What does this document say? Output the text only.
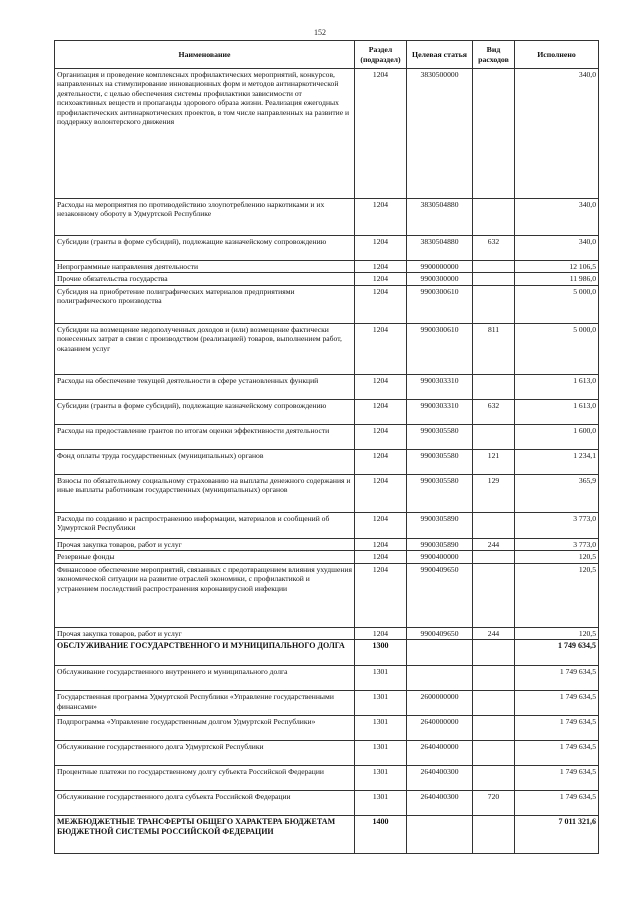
152
Наименование	Раздел (подраздел)	Целевая статья	Вид расходов	Исполнено
Организация и проведение комплексных профилактических мероприятий, конкурсов, направленных на стимулирование инновационных форм и методов антинаркотической деятельности, с целью обеспечения системы профилактики зависимости от психоактивных веществ и пропаганды здорового образа жизни. Реализация ежегодных профилактических антинаркотических проектов, в том числе направленных на развитие и поддержку волонтерского движения	1204	3830500000		340,0
Расходы на мероприятия по противодействию злоупотреблению наркотиками и их незаконному обороту в Удмуртской Республике	1204	3830504880		340,0
Субсидии (гранты в форме субсидий), подлежащие казначейскому сопровождению	1204	3830504880	632	340,0
Непрограммные направления деятельности	1204	9900000000		12 106,5
Прочие обязательства государства	1204	9900300000		11 986,0
Субсидия на приобретение полиграфических материалов предприятиями полиграфического производства	1204	9900300610		5 000,0
Субсидии на возмещение недополученных доходов и (или) возмещение фактически понесенных затрат в связи с производством (реализацией) товаров, выполнением работ, оказанием услуг	1204	9900300610	811	5 000,0
Расходы на обеспечение текущей деятельности в сфере установленных функций	1204	9900303310		1 613,0
Субсидии (гранты в форме субсидий), подлежащие казначейскому сопровождению	1204	9900303310	632	1 613,0
Расходы на предоставление грантов по итогам оценки эффективности деятельности	1204	9900305580		1 600,0
Фонд оплаты труда государственных (муниципальных) органов	1204	9900305580	121	1 234,1
Взносы по обязательному социальному страхованию на выплаты денежного содержания и иные выплаты работникам государственных (муниципальных) органов	1204	9900305580	129	365,9
Расходы по созданию и распространению информации, материалов и сообщений об Удмуртской Республики	1204	9900305890		3 773,0
Прочая закупка товаров, работ и услуг	1204	9900305890	244	3 773,0
Резервные фонды	1204	9900400000		120,5
Финансовое обеспечение мероприятий, связанных с предотвращением влияния ухудшения экономической ситуации на развитие отраслей экономики, с профилактикой и устранением последствий распространения коронавирусной инфекции	1204	9900409650		120,5
Прочая закупка товаров, работ и услуг	1204	9900409650	244	120,5
ОБСЛУЖИВАНИЕ ГОСУДАРСТВЕННОГО И МУНИЦИПАЛЬНОГО ДОЛГА	1300			1 749 634,5
Обслуживание государственного внутреннего и муниципального долга	1301			1 749 634,5
Государственная программа Удмуртской Республики «Управление государственными финансами»	1301	2600000000		1 749 634,5
Подпрограмма «Управление государственным долгом Удмуртской Республики»	1301	2640000000		1 749 634,5
Обслуживание государственного долга Удмуртской Республики	1301	2640400000		1 749 634,5
Процентные платежи по государственному долгу субъекта Российской Федерации	1301	2640400300		1 749 634,5
Обслуживание государственного долга субъекта Российской Федерации	1301	2640400300	720	1 749 634,5
МЕЖБЮДЖЕТНЫЕ ТРАНСФЕРТЫ ОБЩЕГО ХАРАКТЕРА БЮДЖЕТАМ БЮДЖЕТНОЙ СИСТЕМЫ РОССИЙСКОЙ ФЕДЕРАЦИИ	1400			7 011 321,6
